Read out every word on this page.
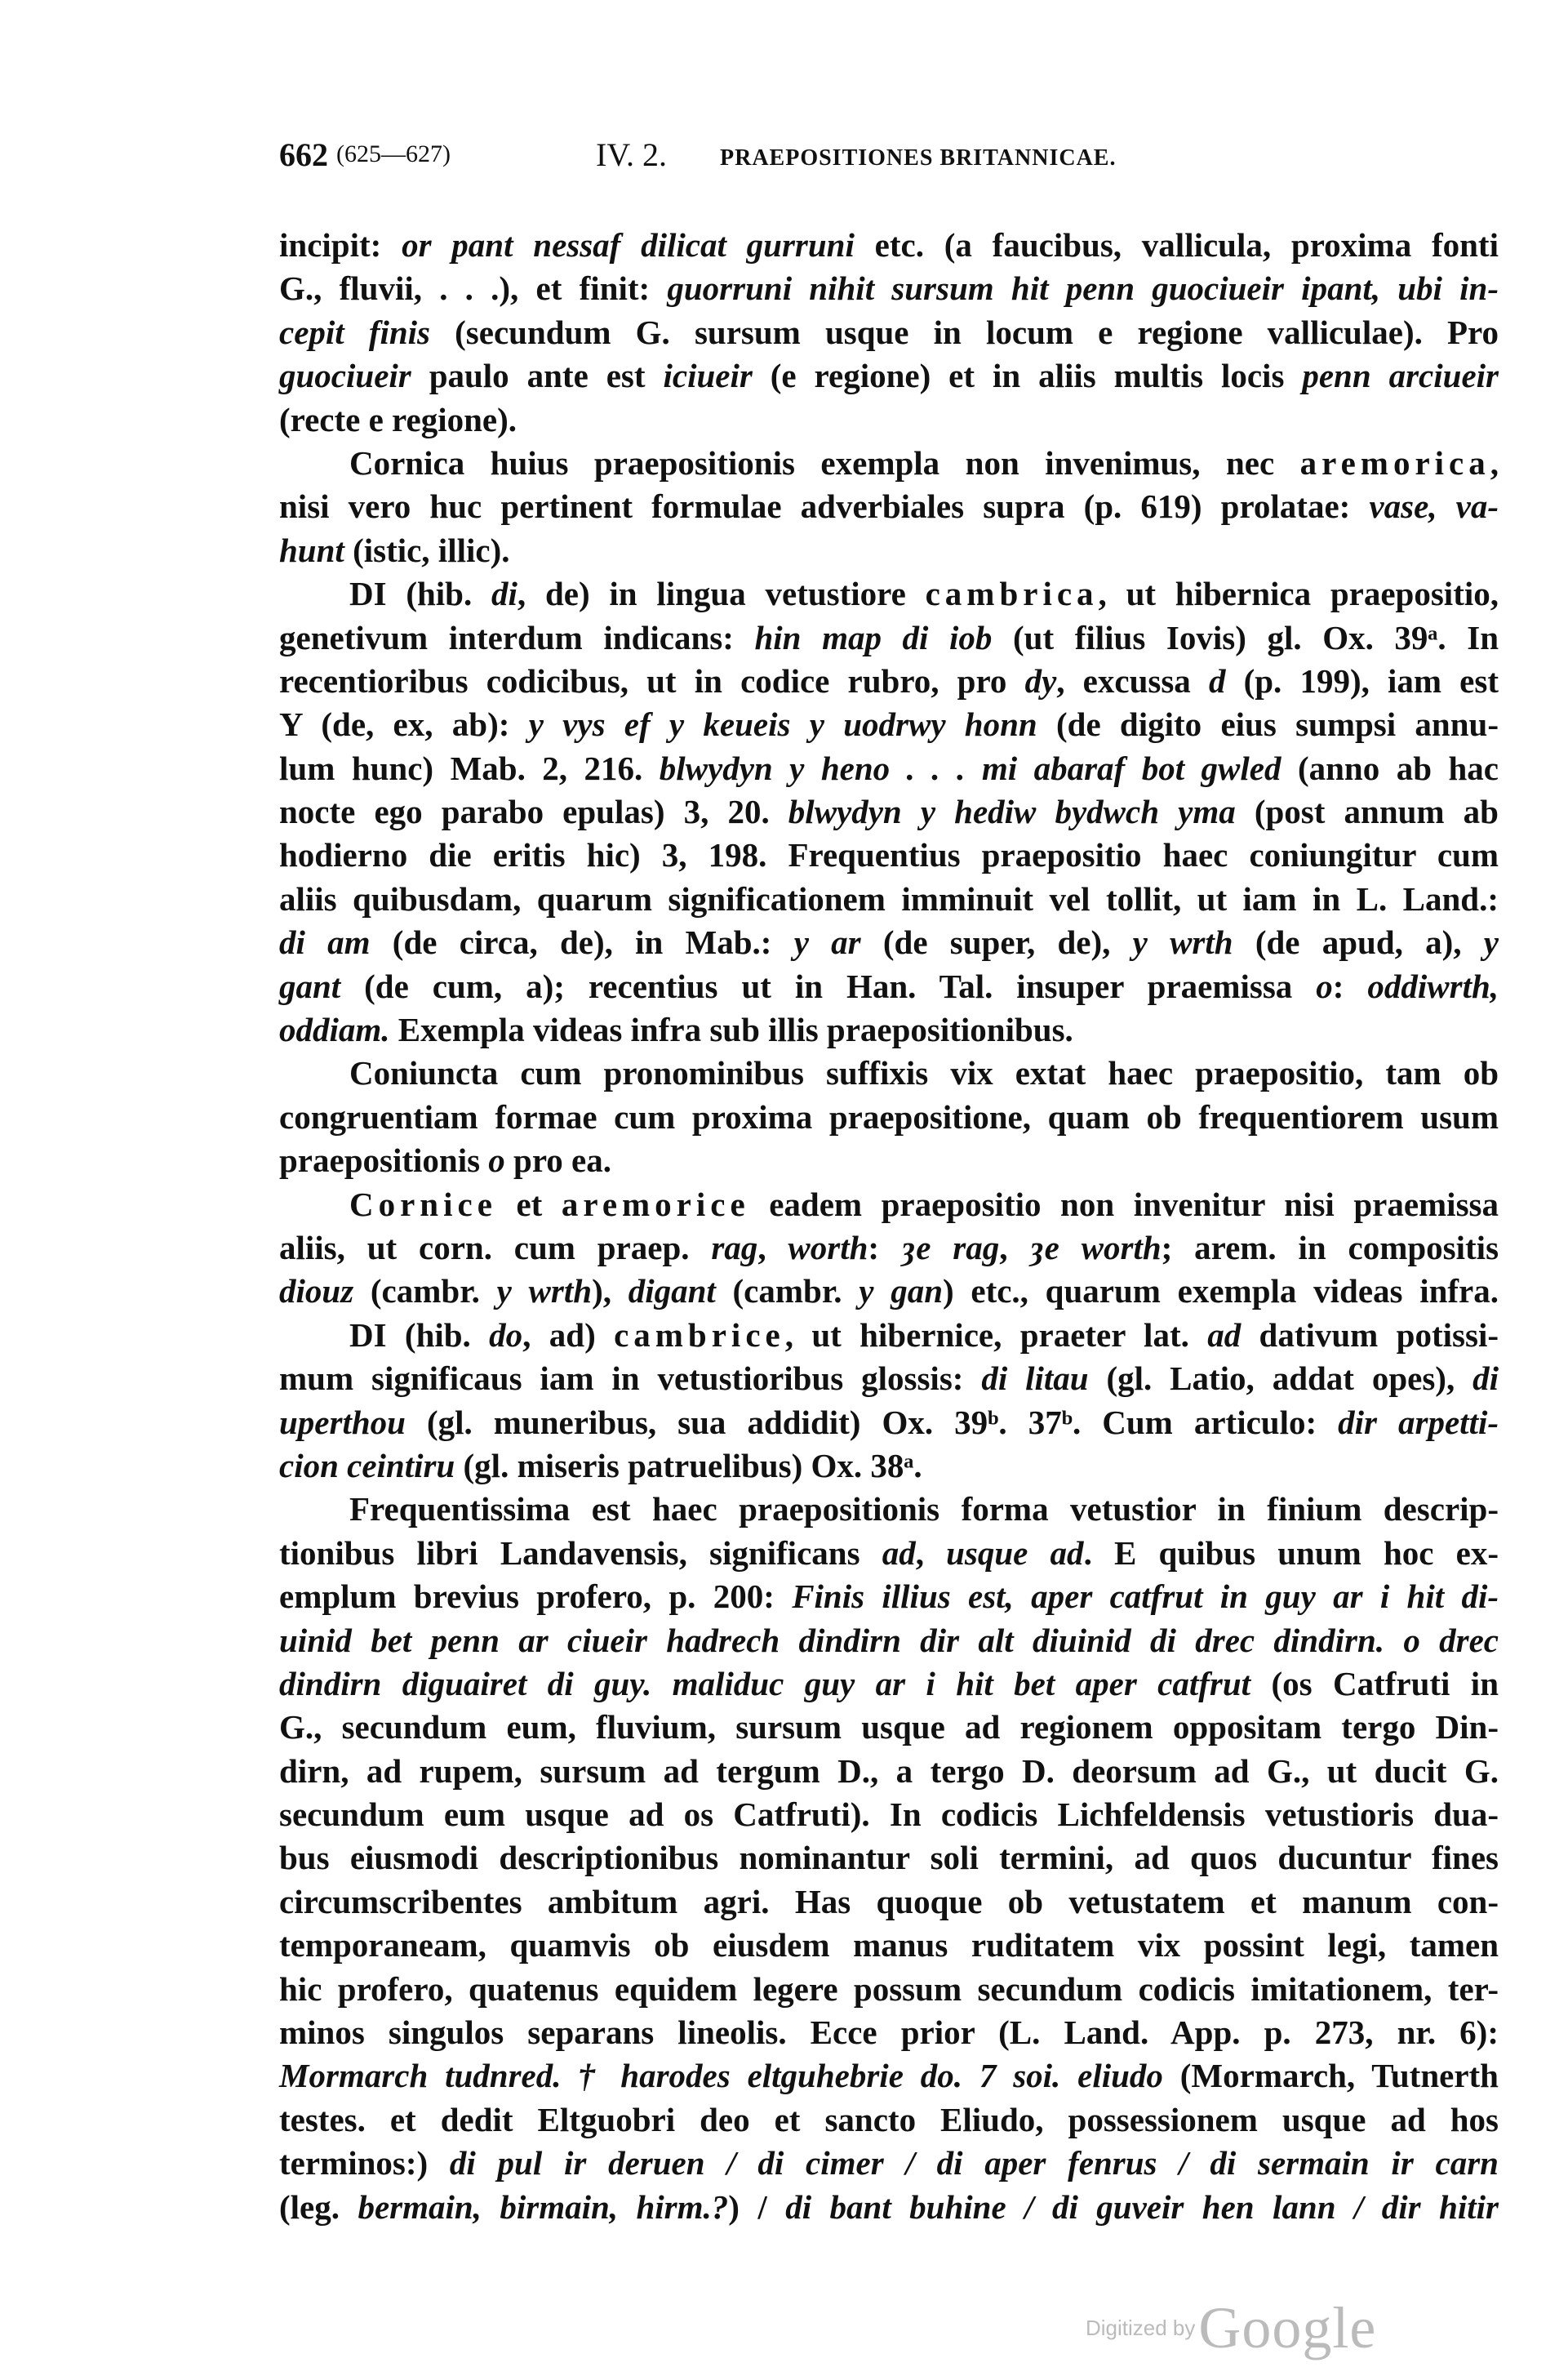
662 (625—627)	IV. 2. PRAEPOSITIONES BRITANNICAE.
incipit: or pant nessaf dilicat gurruni etc. (a faucibus, vallicula, proxima fonti
G., fluvii, . . .), et finit: guorruni nihit sursum hit penn guociueir ipant, ubi in-
cepit finis (secundum G. sursum usque in locum e regione valliculae). Pro
guociueir paulo ante est iciueir (e regione) et in aliis multis locis penn arciueir
(recte e regione).
Cornica huius praepositionis exempla non invenimus, nec aremorica,
nisi vero huc pertinent formulae adverbiales supra (p. 619) prolatae: vase, va-
hunt (istic, illic).
DI (hib. di, de) in lingua vetustiore cambrica, ut hibernica praepositio,
genetivum interdum indicans: hin map di iob (ut filius Iovis) gl. Ox. 39ᵃ. In
recentioribus codicibus, ut in codice rubro, pro dy, excussa d (p. 199), iam est
Y (de, ex, ab): y vys ef y keueis y uodrwy honn (de digito eius sumpsi annu-
lum hunc) Mab. 2, 216. blwydyn y heno . . . mi abaraf bot gwled (anno ab hac
nocte ego parabo epulas) 3, 20. blwydyn y hediw bydwch yma (post annum ab
hodierno die eritis hic) 3, 198. Frequentius praepositio haec coniungitur cum
aliis quibusdam, quarum significationem imminuit vel tollit, ut iam in L. Land.:
di am (de circa, de), in Mab.: y ar (de super, de), y wrth (de apud, a), y
gant (de cum, a); recentius ut in Han. Tal. insuper praemissa o: oddiwrth,
oddiam. Exempla videas infra sub illis praepositionibus.
Coniuncta cum pronominibus suffixis vix extat haec praepositio, tam ob
congruentiam formae cum proxima praepositione, quam ob frequentiorem usum
praepositionis o pro ea.
Cornice et aremorice eadem praepositio non invenitur nisi praemissa
aliis, ut corn. cum praep. rag, worth: ȝe rag, ȝe worth; arem. in compositis
diouz (cambr. y wrth), digant (cambr. y gan) etc., quarum exempla videas infra.
DI (hib. do, ad) cambrice, ut hibernice, praeter lat. ad dativum potissi-
mum significaus iam in vetustioribus glossis: di litau (gl. Latio, addat opes), di
uperthou (gl. muneribus, sua addidit) Ox. 39ᵇ. 37ᵇ. Cum articulo: dir arpetti-
cion ceintiru (gl. miseris patruelibus) Ox. 38ᵃ.
Frequentissima est haec praepositionis forma vetustior in finium descrip-
tionibus libri Landavensis, significans ad, usque ad. E quibus unum hoc ex-
emplum brevius profero, p. 200: Finis illius est, aper catfrut in guy ar i hit di-
uinid bet penn ar ciueir hadrech dindirn dir alt diuinid di drec dindirn. o drec
dindirn diguairet di guy. maliduc guy ar i hit bet aper catfrut (os Catfruti in
G., secundum eum, fluvium, sursum usque ad regionem oppositam tergo Din-
dirn, ad rupem, sursum ad tergum D., a tergo D. deorsum ad G., ut ducit G.
secundum eum usque ad os Catfruti). In codicis Lichfeldensis vetustioris dua-
bus eiusmodi descriptionibus nominantur soli termini, ad quos ducuntur fines
circumscribentes ambitum agri. Has quoque ob vetustatem et manum con-
temporaneam, quamvis ob eiusdem manus ruditatem vix possint legi, tamen
hic profero, quatenus equidem legere possum secundum codicis imitationem, ter-
minos singulos separans lineolis. Ecce prior (L. Land. App. p. 273, nr. 6):
Mormarch tudnred. † harodes eltguhebrie do. 7 soi. eliudo (Mormarch, Tutnerth
testes. et dedit Eltguobri deo et sancto Eliudo, possessionem usque ad hos
terminos:) di pul ir deruen / di cimer / di aper fenrus / di sermain ir carn
(leg. bermain, birmain, hirm.?) / di bant buhine / di guveir hen lann / dir hitir
Digitized by Google
